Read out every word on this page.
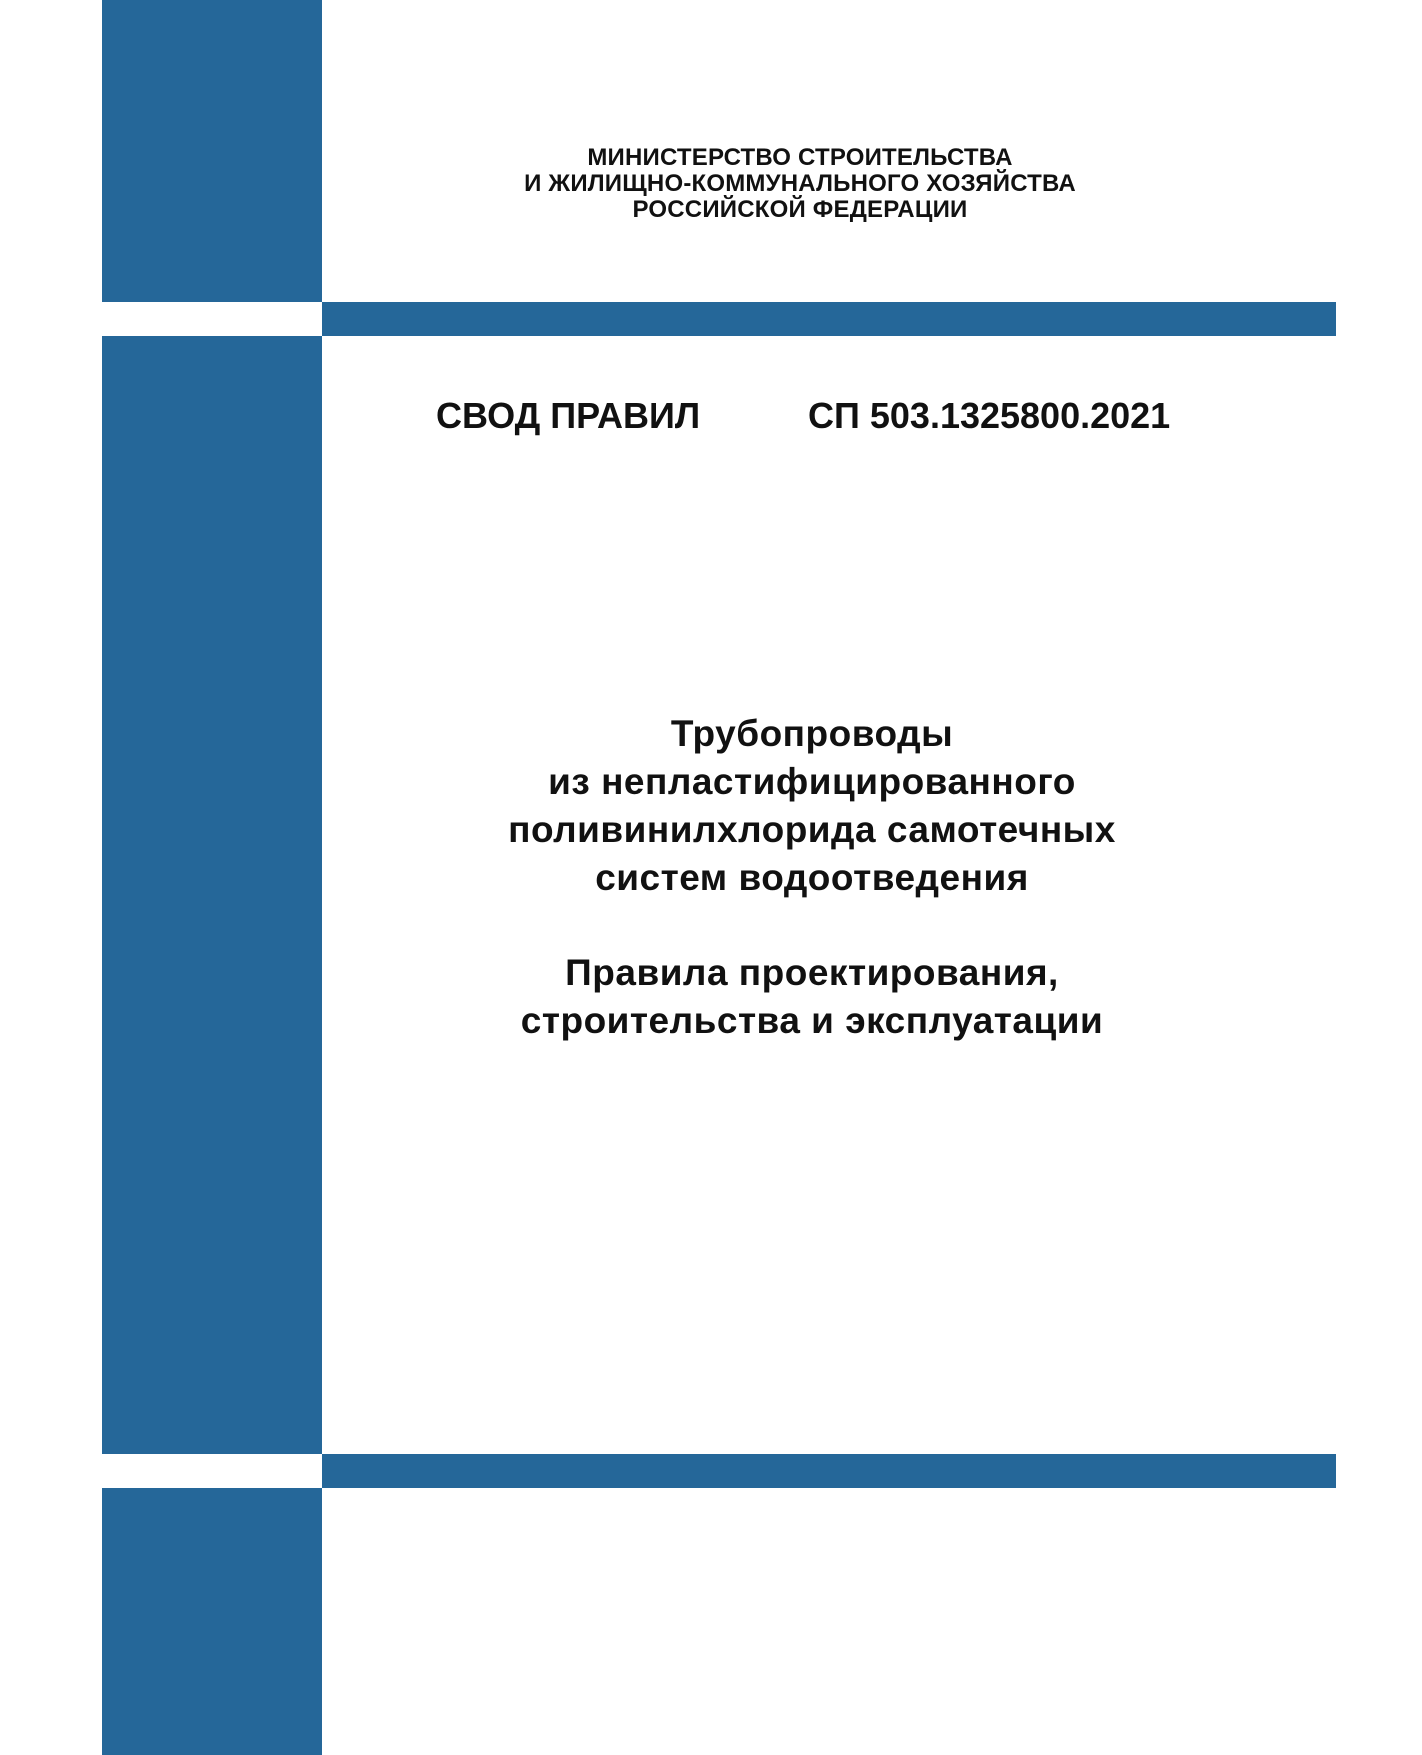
МИНИСТЕРСТВО СТРОИТЕЛЬСТВА
И ЖИЛИЩНО-КОММУНАЛЬНОГО ХОЗЯЙСТВА
РОССИЙСКОЙ ФЕДЕРАЦИИ
СВОД ПРАВИЛ	СП 503.1325800.2021
Трубопроводы
из непластифицированного
поливинилхлорида самотечных
систем водоотведения
Правила проектирования,
строительства и эксплуатации
